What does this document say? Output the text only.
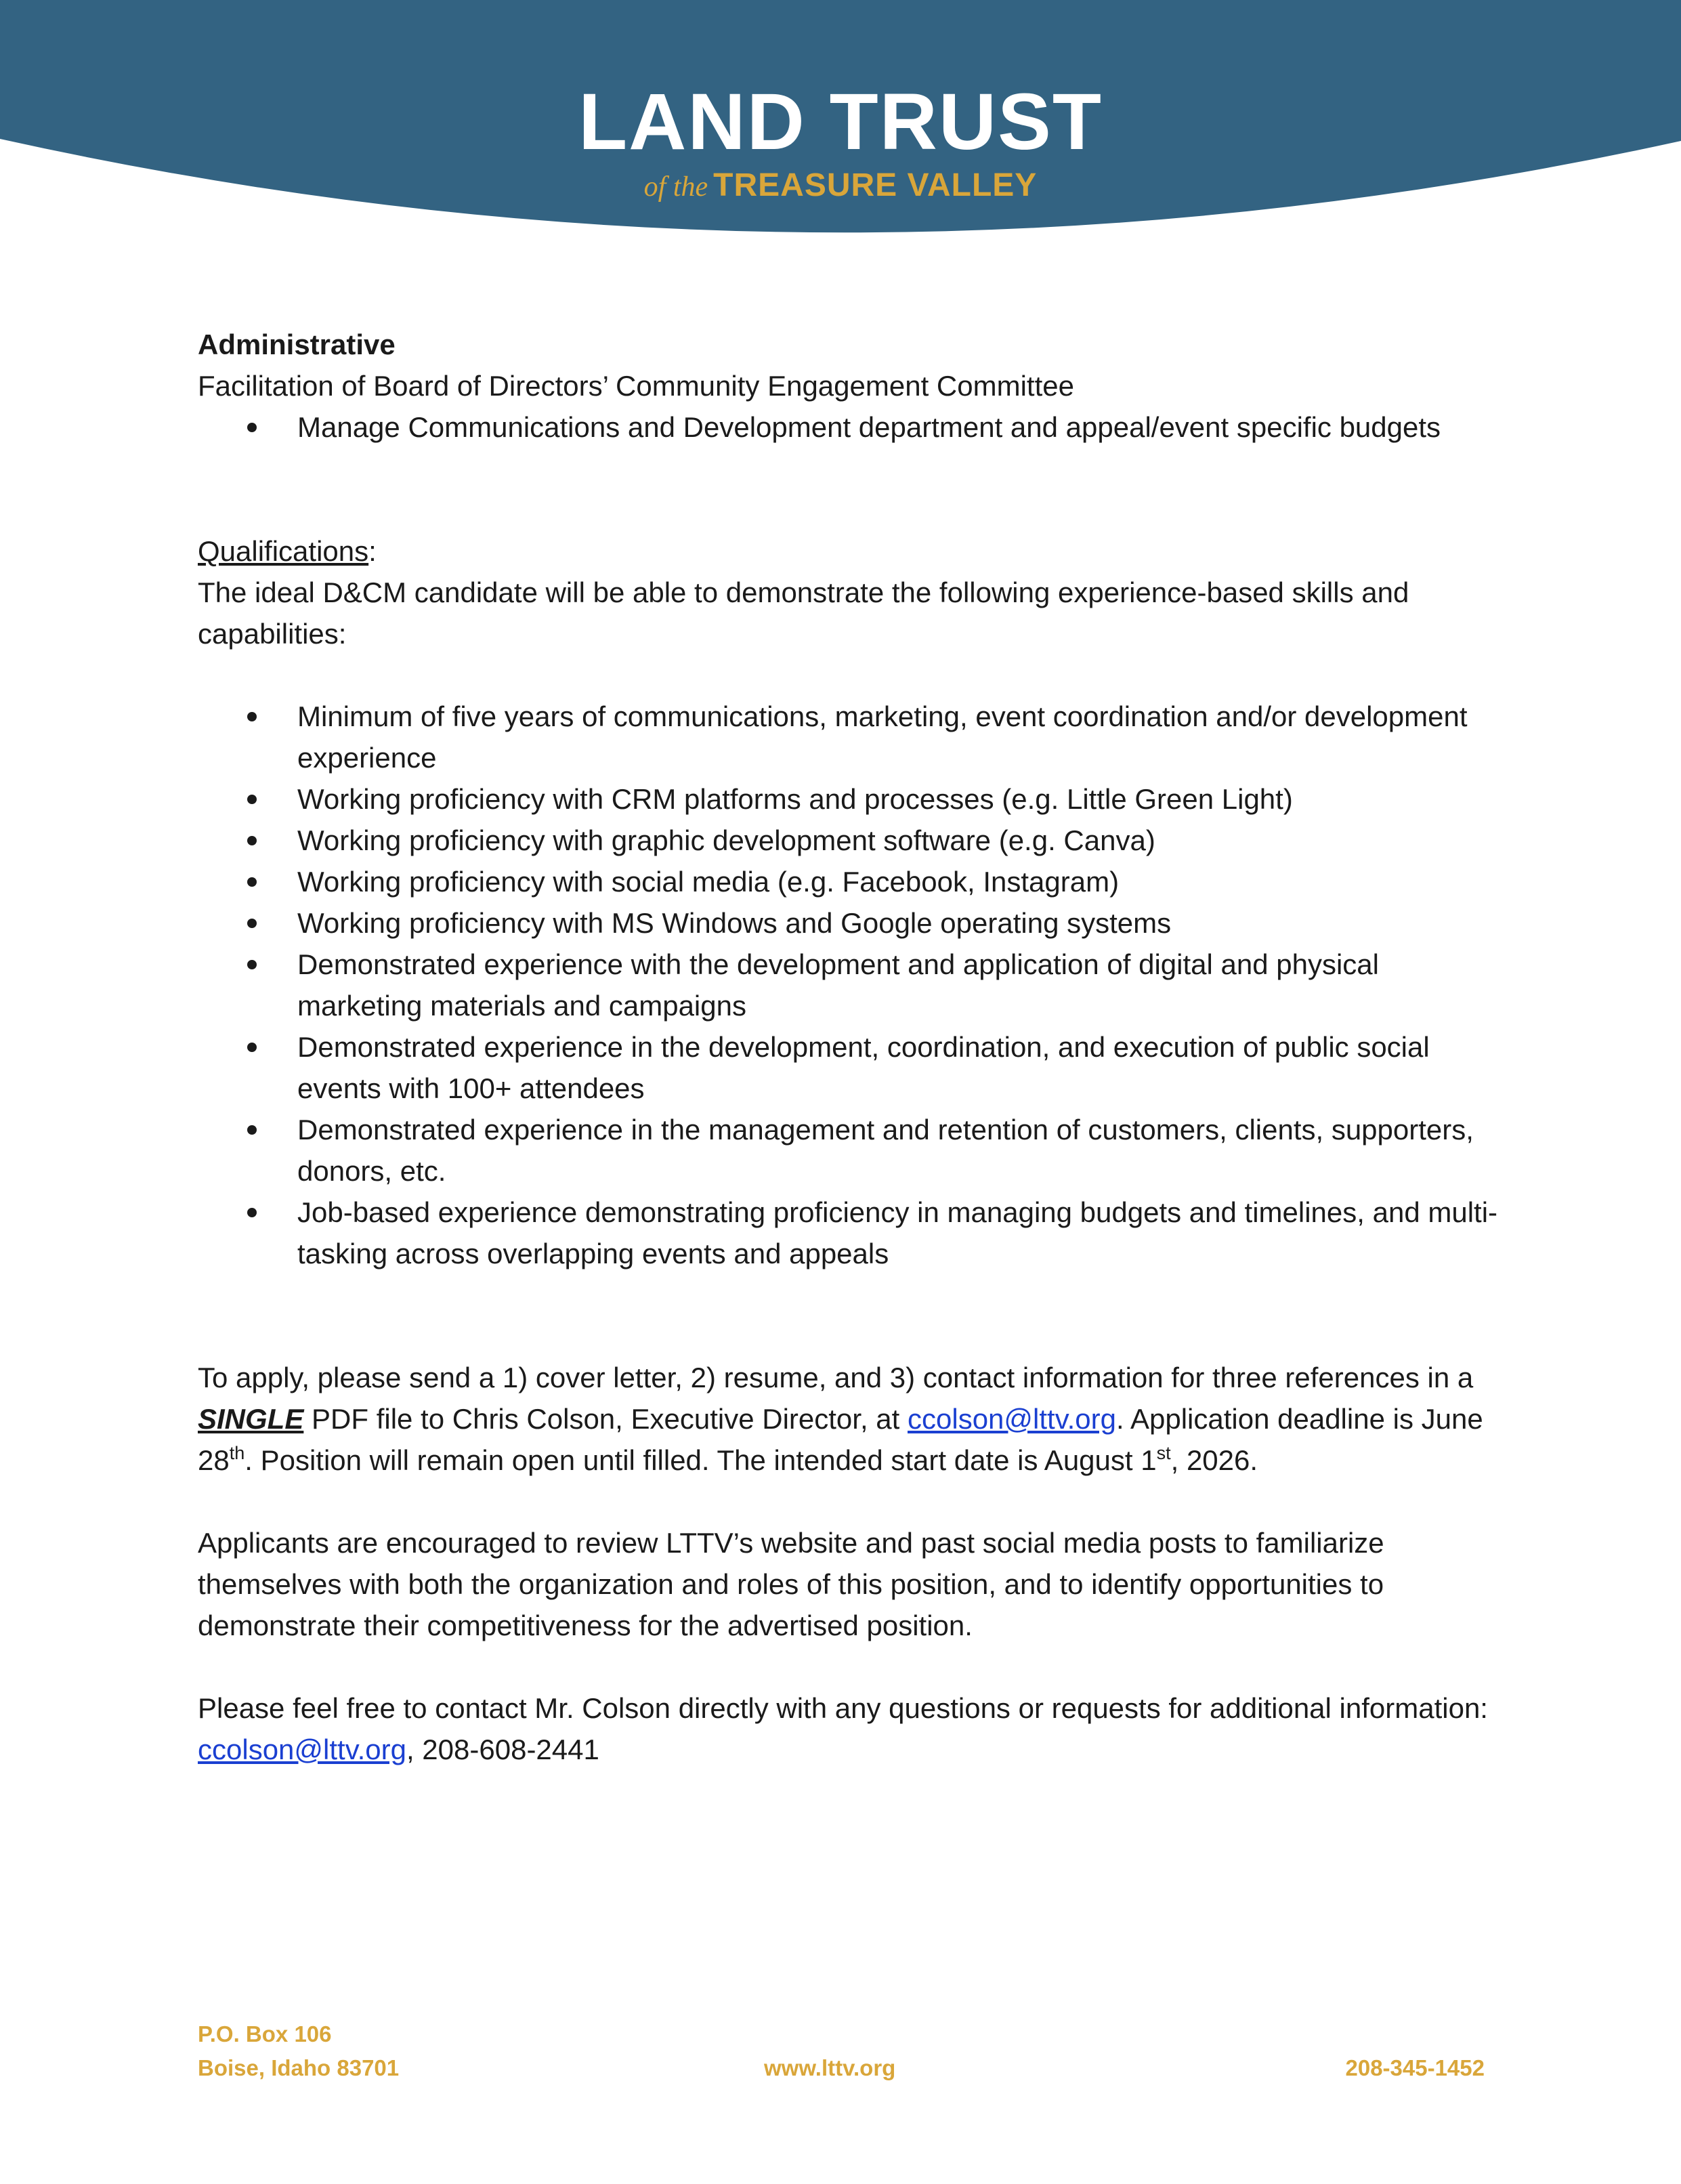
LAND TRUST
of the TREASURE VALLEY

Administrative

Facilitation of Board of Directors’ Community Engagement Committee

Manage Communications and Development department and appeal/event specific budgets

Qualifications:

The ideal D&CM candidate will be able to demonstrate the following experience-based skills and capabilities:

Minimum of five years of communications, marketing, event coordination and/or development experience
Working proficiency with CRM platforms and processes (e.g. Little Green Light)
Working proficiency with graphic development software (e.g. Canva)
Working proficiency with social media (e.g. Facebook, Instagram)
Working proficiency with MS Windows and Google operating systems
Demonstrated experience with the development and application of digital and physical marketing materials and campaigns
Demonstrated experience in the development, coordination, and execution of public social events with 100+ attendees
Demonstrated experience in the management and retention of customers, clients, supporters, donors, etc.
Job-based experience demonstrating proficiency in managing budgets and timelines, and multi-tasking across overlapping events and appeals

To apply, please send a 1) cover letter, 2) resume, and 3) contact information for three references in a SINGLE PDF file to Chris Colson, Executive Director, at ccolson@lttv.org. Application deadline is June 28th. Position will remain open until filled. The intended start date is August 1st, 2026.

Applicants are encouraged to review LTTV’s website and past social media posts to familiarize themselves with both the organization and roles of this position, and to identify opportunities to demonstrate their competitiveness for the advertised position.

Please feel free to contact Mr. Colson directly with any questions or requests for additional information: ccolson@lttv.org, 208-608-2441

P.O. Box 106
Boise, Idaho 83701	www.lttv.org	208-345-1452
